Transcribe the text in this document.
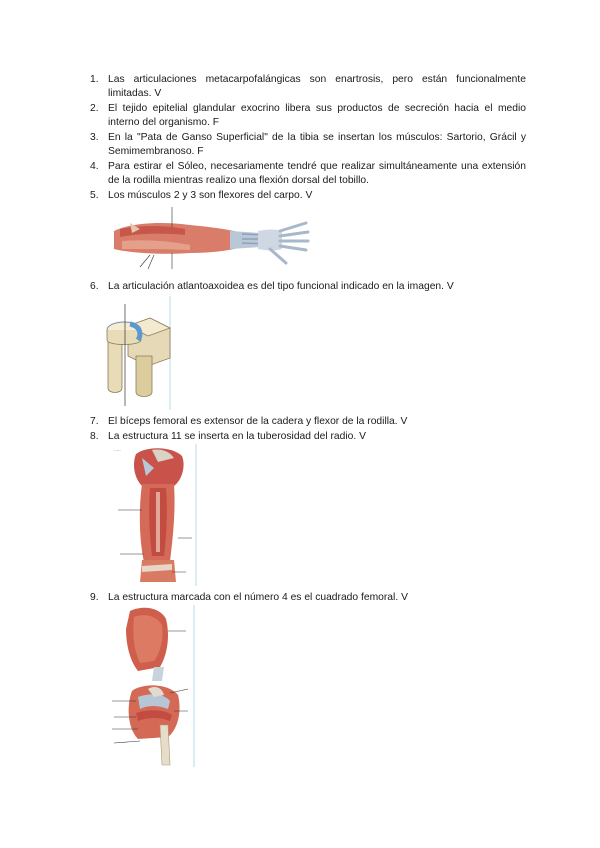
1. Las articulaciones metacarpofalángicas son enartrosis, pero están funcionalmente limitadas. V
2. El tejido epitelial glandular exocrino libera sus productos de secreción hacia el medio interno del organismo. F
3. En la "Pata de Ganso Superficial" de la tibia se insertan los músculos: Sartorio, Grácil y Semimembranoso. F
4. Para estirar el Sóleo, necesariamente tendré que realizar simultáneamente una extensión de la rodilla mientras realizo una flexión dorsal del tobillo.
5. Los músculos 2 y 3 son flexores del carpo. V
6. La articulación atlantoaxoidea es del tipo funcional indicado en la imagen. V
7. El bíceps femoral es extensor de la cadera y flexor de la rodilla. V
8. La estructura 11 se inserta en la tuberosidad del radio. V
·····
9. La estructura marcada con el número 4 es el cuadrado femoral. V
